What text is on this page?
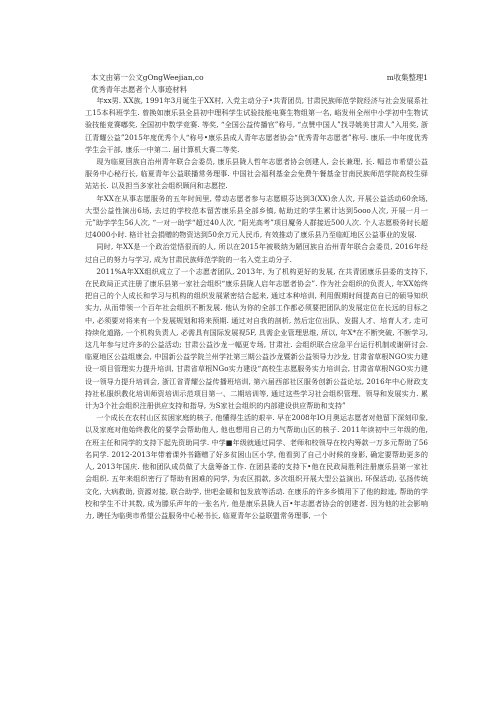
本文由第一公文gOngWeejian,co	m收集整理1
优秀青年志愿者个人事迹材料

年xx男. XX族, 1991年3月诞生于XX村, 入党主动分子•共青团员, 甘肃民族师范学院经济与社会发展系社工15本科班学生. 曾换如康乐县全县初中理科学生试验技能电赛生物组第一名, 峪发州全州中小学初中生物试验技能竞赛嘟奖, 全国初中数学竞赛. 等奖, “全国公益传播官”称号, “点赞中国人”找寻姚美甘肃人”入用奖, 浙江青耀公益”2015年度优秀个人“称号•康乐县成人青年志愿者协会“优秀青年志愿者”称号. 康乐一中年度优秀学生会干部, 康乐一中第二. 届计算机大赛二等奖.

现为临夏回族自治州青年联合会委员, 康乐县陇人哲年志愿者协会创建人, 会长兼理, 长. 幅总市希望公益服务中心秘行长, 临夏青年公益联播常务理事. 中国社会福利基金会免费午餐基金甘南民族师范学院高校生驿站站长. 以及担当多家社会组织顾问和志愿控.

年XX在从事志愿服务的五年时间里, 带动志愿者参与志愿眼芬达到3(XX)余人次, 开展公益活动60余场, 大型公益性演出6场, 去过的学校范本留苦康乐县全部乡镇, 帖助过的学生累计达到5ooo人次, 开展一月一元”助学学生56人次, “一对一助学“超过40人次, “阳光高考”项目魔务人群接近500人次. 个人志愿极务时长超过4000小时. 格计社会捐赠的物资达到50余万元人民币, 有效推动了康乐县乃至临虹地区公益事业的发展.

同时, 年XX是一个政治觉悟很而的人, 所以在2015年被吸纳为陋回族自治州青年联合会委员, 2016年经过自己的努力与学习, 成为甘肃民族师范学院的一名入党主动分子.

2011%A年XX组织成立了一个志愿者团队, 2013年, 为了机构更好的发展, 在共青团康乐县委的支持下, 在民政局正式注册了康乐县第一家社会组织“康乐县陇人启年志愿者协会”. 作为社会组织的负责人, 年XX始终把自己的个人成长和学习与机构的组织发展紧密结合起来, 通过本种培训, 利用假期时间提高自已的硕导知织实力, 从而带领一个百年社会组织不断发展. 他认为你的全部工作都必须要把团队的发展定位在长远的目标之中, 必须要对将来有一个发展规划和将来预期. 通过对自我的剖析, 然后定位出队、发掘人才、培育人才, 走可持续化道路, 一个机构负责人, 必需具有国际发展视5F, 具需企业管理思维, 所以, 年X*在不断突破, 不断学习, 这几年参与过许多的公益活动; 甘肃公益沙龙一幅更专场, 甘肃社. 会组织联合应急平台运行机制或谢研讨会. 临夏地区公益组康会, 中国新公益学院兰州学社第三期公益沙龙暨新公益领导力沙龙, 甘肃省草根NGO实力建设一项目管理实力提升培训, 甘肃省草根NGo实力建设“高校生志愿服务实力培训会, 甘肃省草根NGO实力建设一领导力提升培训会, 浙江省青耀公益传播班培训, 第六届西部社区服务创新公益论坛, 2016年中心财政支持社私服织教化培训师资培训示范项目第一、二期培训等, 通过这些学习社会组织管理、领导和发展实力. 累计为3个社会组织注册供应支持和指导, 为S家社会组织的内部建设供应帮助和支持”

一个成长在农村山区贫困家庭的核子, 他懂得生活的艰辛. 早在2008年IO月奥运志愿者对他留下深刻印象, 以及家庭对他始终教化的要学会帮助他人, 他也想用自己的力气帮助山区的核子. 2011年读初中三年级的他, 在班主任和同学的支持下起先资助同学. 中学■年级就通过同学、老师和校领导在校内筹款一万多元帮助了56名同学. 2012-2013年带着课外书籍赠了好多贫困山区小学, 他看到了自己小时候的身影, 确定要帮助更多的人, 2013年国庆. 他和团队成员做了大盘筹备工作. 在团县委的支持下•他在民政局胜利注册康乐县第一家社会组织. 五年来组织密行了帮助有困难的同学, 为农区捐款, 多次组织开展大型公益演出, 环保活动, 弘扬传统文化, 大病救助, 资源对接, 联合助学, 世吧金暖和包发放等活动. 在康乐的许多乡镇用下了他的踪迹, 帮助的学校和学生不计其数, 成为滕乐声年的一张名片, 他是康乐县陇人百•年志愿者协会的创建者. 因为他的社会影响力, 聘任为临奥市希望公益服务中心秘书长, 临夏青年公益联盟常务理事, 一个
